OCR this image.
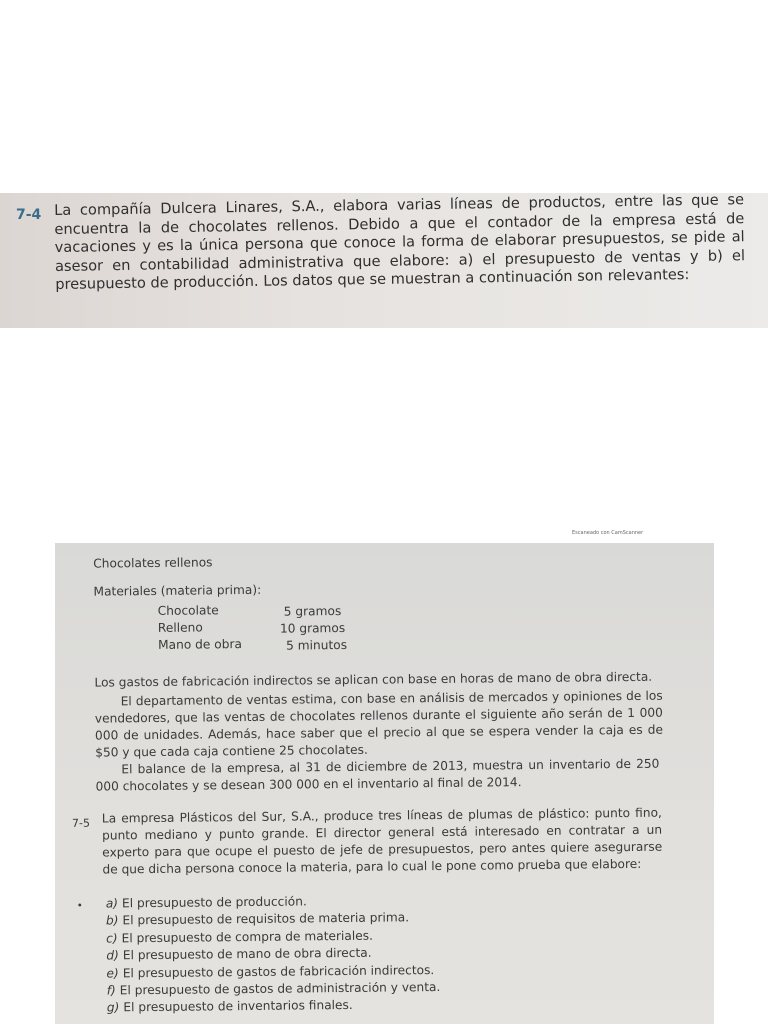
7-4 La compañía Dulcera Linares, S.A., elabora varias líneas de productos, entre las que se encuentra la de chocolates rellenos. Debido a que el contador de la empresa está de vacaciones y es la única persona que conoce la forma de elaborar presupuestos, se pide al asesor en contabilidad administrativa que elabore: a) el presupuesto de ventas y b) el presupuesto de producción. Los datos que se muestran a continuación son relevantes:
Escaneado con CamScanner
Chocolates rellenos
Materiales (materia prima):
Chocolate	5 gramos
Relleno	10 gramos
Mano de obra	5 minutos
Los gastos de fabricación indirectos se aplican con base en horas de mano de obra directa.
El departamento de ventas estima, con base en análisis de mercados y opiniones de los vendedores, que las ventas de chocolates rellenos durante el siguiente año serán de 1 000 000 de unidades. Además, hace saber que el precio al que se espera vender la caja es de $50 y que cada caja contiene 25 chocolates.
El balance de la empresa, al 31 de diciembre de 2013, muestra un inventario de 250 000 chocolates y se desean 300 000 en el inventario al final de 2014.
7-5 La empresa Plásticos del Sur, S.A., produce tres líneas de plumas de plástico: punto fino, punto mediano y punto grande. El director general está interesado en contratar a un experto para que ocupe el puesto de jefe de presupuestos, pero antes quiere asegurarse de que dicha persona conoce la materia, para lo cual le pone como prueba que elabore:
• a) El presupuesto de producción.
b) El presupuesto de requisitos de materia prima.
c) El presupuesto de compra de materiales.
d) El presupuesto de mano de obra directa.
e) El presupuesto de gastos de fabricación indirectos.
f) El presupuesto de gastos de administración y venta.
g) El presupuesto de inventarios finales.
